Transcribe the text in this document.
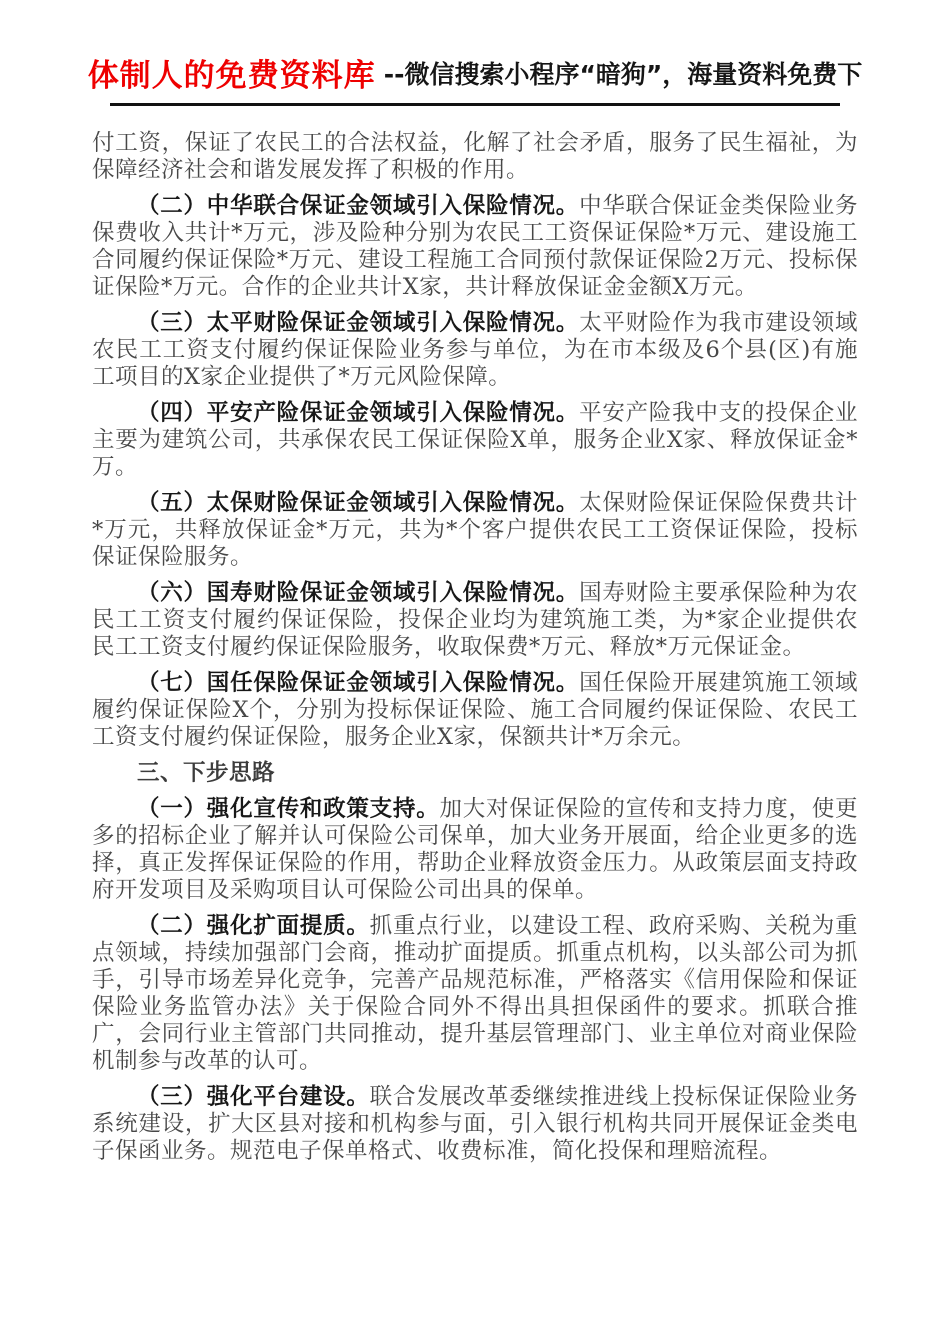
体制人的免费资料库 --微信搜索小程序“暗狗”，海量资料免费下

付工资，保证了农民工的合法权益，化解了社会矛盾，服务了民生福祉，为保障经济社会和谐发展发挥了积极的作用。

（二）中华联合保证金领域引入保险情况。中华联合保证金类保险业务保费收入共计*万元，涉及险种分别为农民工工资保证保险*万元、建设施工合同履约保证保险*万元、建设工程施工合同预付款保证保险2万元、投标保证保险*万元。合作的企业共计X家，共计释放保证金金额X万元。

（三）太平财险保证金领域引入保险情况。太平财险作为我市建设领域农民工工资支付履约保证保险业务参与单位，为在市本级及6个县(区)有施工项目的X家企业提供了*万元风险保障。

（四）平安产险保证金领域引入保险情况。平安产险我中支的投保企业主要为建筑公司，共承保农民工保证保险X单，服务企业X家、释放保证金*万。

（五）太保财险保证金领域引入保险情况。太保财险保证保险保费共计*万元，共释放保证金*万元，共为*个客户提供农民工工资保证保险，投标保证保险服务。

（六）国寿财险保证金领域引入保险情况。国寿财险主要承保险种为农民工工资支付履约保证保险，投保企业均为建筑施工类，为*家企业提供农民工工资支付履约保证保险服务，收取保费*万元、释放*万元保证金。

（七）国任保险保证金领域引入保险情况。国任保险开展建筑施工领域履约保证保险X个，分别为投标保证保险、施工合同履约保证保险、农民工工资支付履约保证保险，服务企业X家，保额共计*万余元。

三、下步思路

（一）强化宣传和政策支持。加大对保证保险的宣传和支持力度，使更多的招标企业了解并认可保险公司保单，加大业务开展面，给企业更多的选择，真正发挥保证保险的作用，帮助企业释放资金压力。从政策层面支持政府开发项目及采购项目认可保险公司出具的保单。

（二）强化扩面提质。抓重点行业，以建设工程、政府采购、关税为重点领域，持续加强部门会商，推动扩面提质。抓重点机构，以头部公司为抓手，引导市场差异化竞争，完善产品规范标准，严格落实《信用保险和保证保险业务监管办法》关于保险合同外不得出具担保函件的要求。抓联合推广，会同行业主管部门共同推动，提升基层管理部门、业主单位对商业保险机制参与改革的认可。

（三）强化平台建设。联合发展改革委继续推进线上投标保证保险业务系统建设，扩大区县对接和机构参与面，引入银行机构共同开展保证金类电子保函业务。规范电子保单格式、收费标准，简化投保和理赔流程。
